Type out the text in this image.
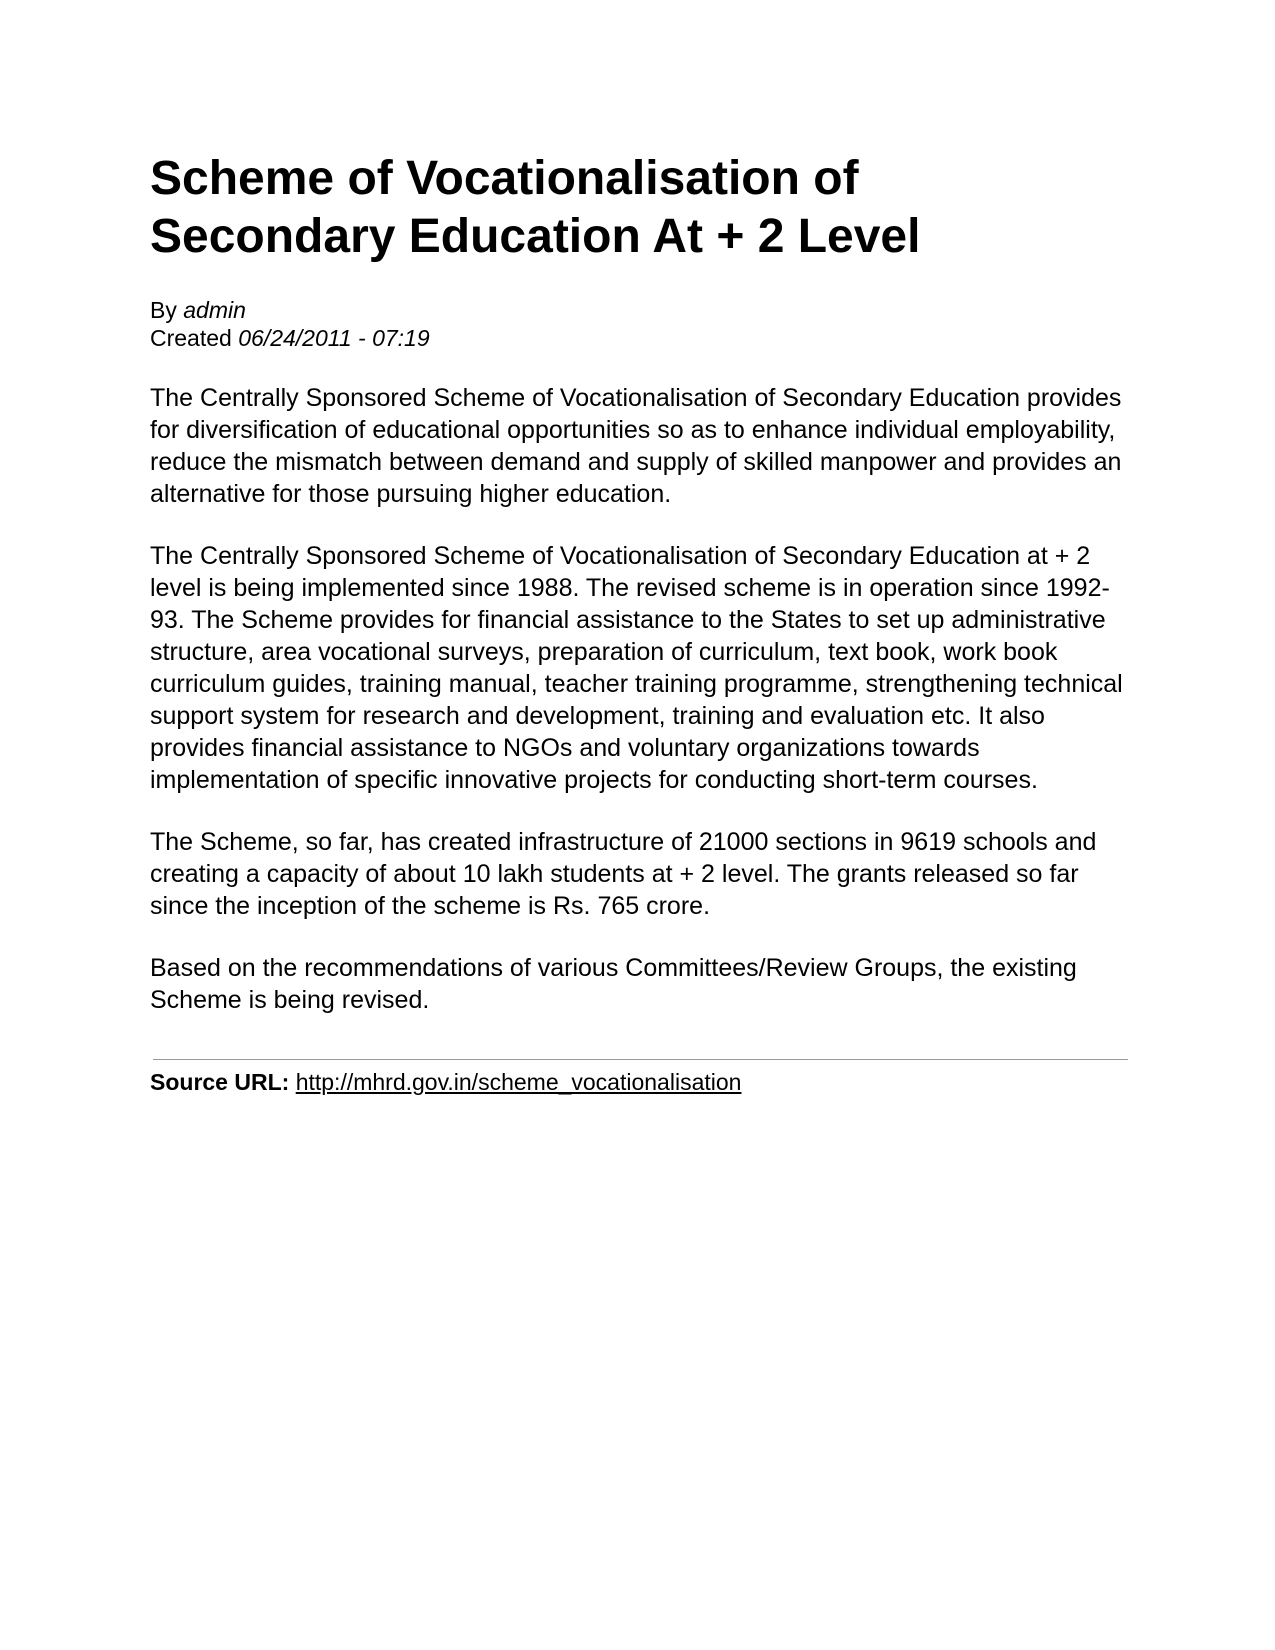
Scheme of Vocationalisation of Secondary Education At + 2 Level
By admin
Created 06/24/2011 - 07:19

The Centrally Sponsored Scheme of Vocationalisation of Secondary Education provides for diversification of educational opportunities so as to enhance individual employability, reduce the mismatch between demand and supply of skilled manpower and provides an alternative for those pursuing higher education.

The Centrally Sponsored Scheme of Vocationalisation of Secondary Education at + 2 level is being implemented since 1988. The revised scheme is in operation since 1992-93. The Scheme provides for financial assistance to the States to set up administrative structure, area vocational surveys, preparation of curriculum, text book, work book curriculum guides, training manual, teacher training programme, strengthening technical support system for research and development, training and evaluation etc. It also provides financial assistance to NGOs and voluntary organizations towards implementation of specific innovative projects for conducting short-term courses.

The Scheme, so far, has created infrastructure of 21000 sections in 9619 schools and creating a capacity of about 10 lakh students at + 2 level. The grants released so far since the inception of the scheme is Rs. 765 crore.

Based on the recommendations of various Committees/Review Groups, the existing Scheme is being revised.

Source URL: http://mhrd.gov.in/scheme_vocationalisation
